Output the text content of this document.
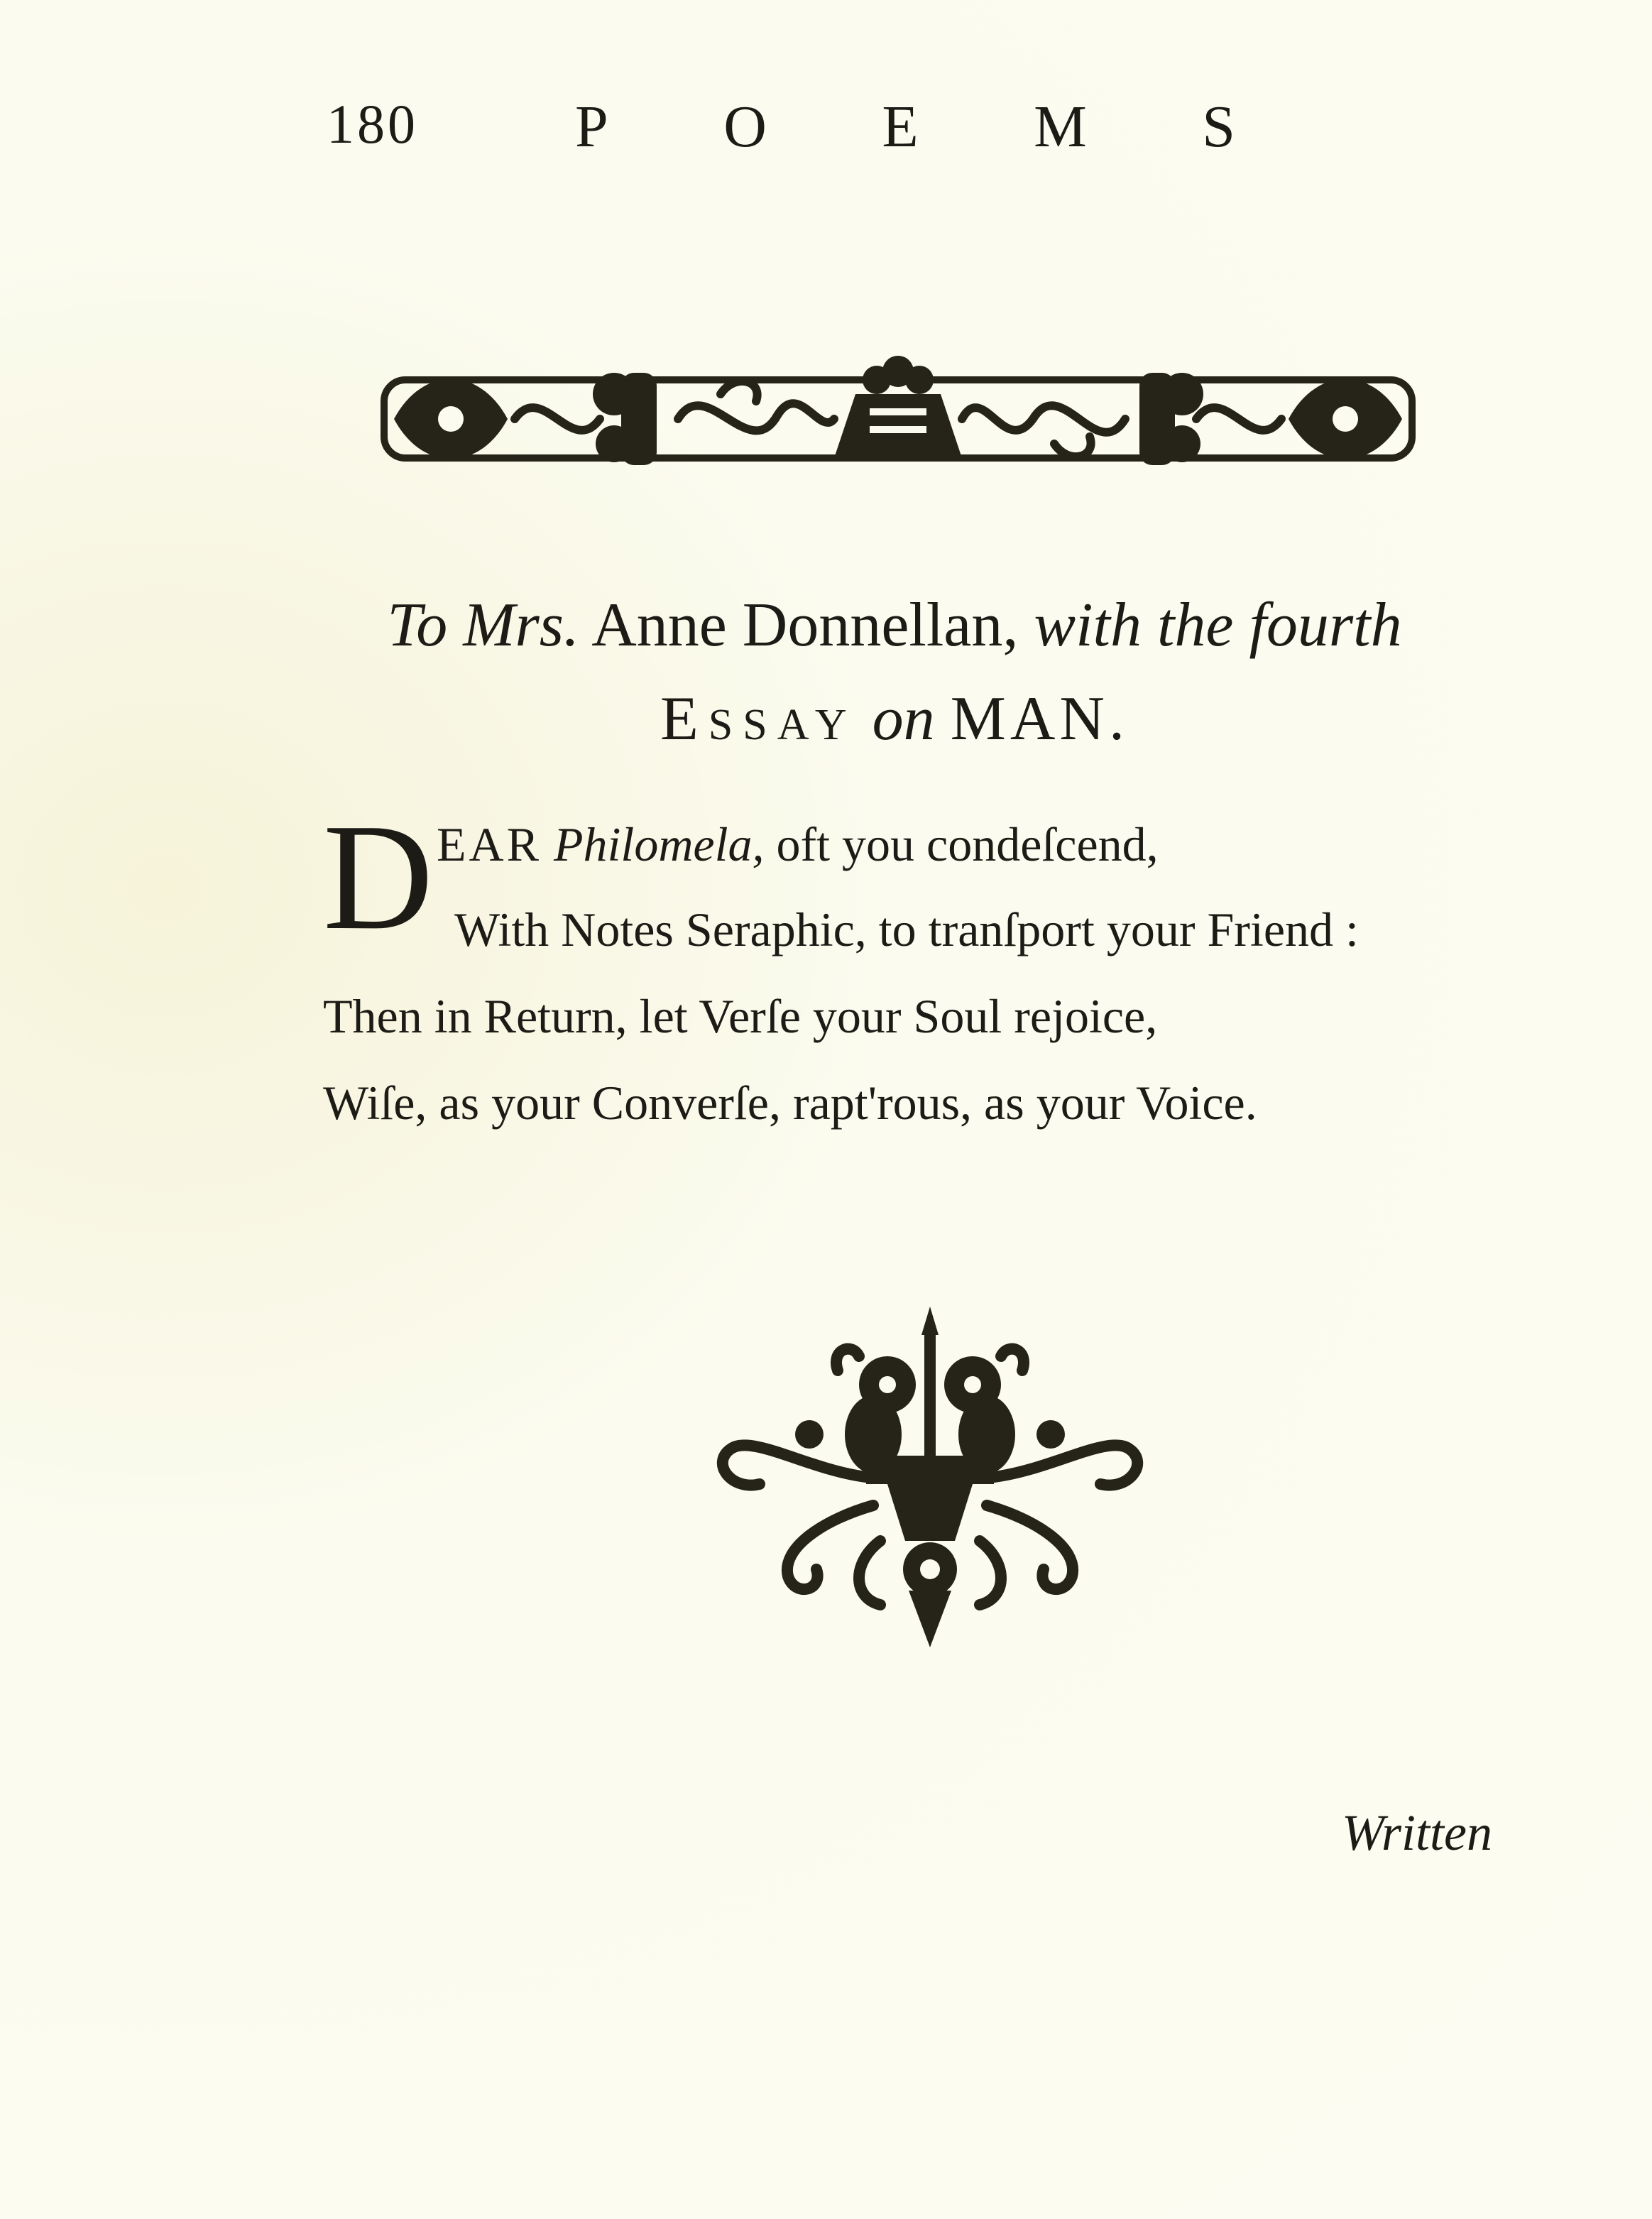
180	P O E M S
To Mrs. Anne Donnellan, with the fourth
ESSAY on MAN.
D EAR Philomela, oft you condeſcend,
With Notes Seraphic, to tranſport your Friend :
Then in Return, let Verſe your Soul rejoice,
Wiſe, as your Converſe, rapt'rous, as your Voice.
Written
